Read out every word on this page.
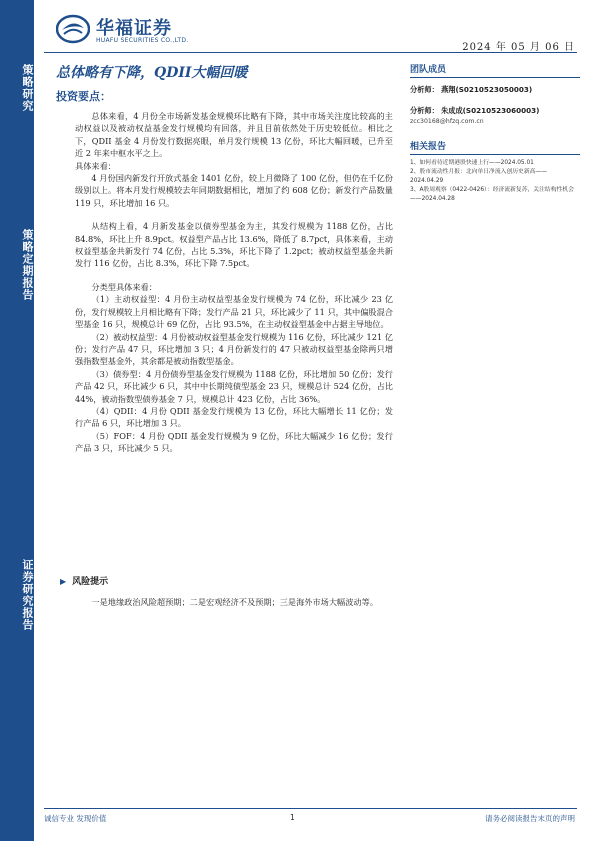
策略研究
策略定期报告
证券研究报告
华福证券
HUAFU SECURITIES CO.,LTD.
2024 年 05 月 06 日
总体略有下降，QDII大幅回暖
投资要点：

总体来看，4 月份全市场新发基金规模环比略有下降，其中市场关注度比较高的主动权益以及被动权益基金发行规模均有回落，并且目前依然处于历史较低位。相比之下，QDII 基金 4 月份发行数据亮眼，单月发行规模 13 亿份，环比大幅回暖，已升至近 2 年来中枢水平之上。

具体来看：

4 月份国内新发行开放式基金 1401 亿份，较上月微降了 100 亿份，但仍在千亿份级别以上。将本月发行规模较去年同期数据相比，增加了约 608 亿份；新发行产品数量 119 只，环比增加 16 只。

从结构上看，4 月新发基金以债券型基金为主，其发行规模为 1188 亿份，占比 84.8%，环比上升 8.9pct。权益型产品占比 13.6%，降低了 8.7pct，具体来看，主动权益型基金共新发行 74 亿份，占比 5.3%，环比下降了 1.2pct；被动权益型基金共新发行 116 亿份，占比 8.3%，环比下降 7.5pct。

分类型具体来看：

（1）主动权益型：4 月份主动权益型基金发行规模为 74 亿份，环比减少 23 亿份，发行规模较上月相比略有下降；发行产品 21 只，环比减少了 11 只，其中偏股混合型基金 16 只，规模总计 69 亿份，占比 93.5%，在主动权益型基金中占据主导地位。

（2）被动权益型：4 月份被动权益型基金发行规模为 116 亿份，环比减少 121 亿份；发行产品 47 只，环比增加 3 只；4 月份新发行的 47 只被动权益型基金除两只增强指数型基金外，其余都是被动指数型基金。

（3）债券型：4 月份债券型基金发行规模为 1188 亿份，环比增加 50 亿份；发行产品 42 只，环比减少 6 只，其中中长期纯债型基金 23 只，规模总计 524 亿份，占比 44%，被动指数型债券基金 7 只，规模总计 423 亿份，占比 36%。

（4）QDII：4 月份 QDII 基金发行规模为 13 亿份，环比大幅增长 11 亿份；发行产品 6 只，环比增加 3 只。

（5）FOF：4 月份 QDII 基金发行规模为 9 亿份，环比大幅减少 16 亿份；发行产品 3 只，环比减少 5 只。

▶ 风险提示
一是地缘政治风险超预期；二是宏观经济不及预期；三是海外市场大幅波动等。
团队成员
分析师： 燕翔(S0210523050003)
分析师： 朱成成(S0210523060003)
zcc30168@hfzq.com.cn
相关报告
1、如何看待近期港股快速上行——2024.05.01
2、股市流动性月报：北向单日净流入创历史新高——2024.04.29
3、A股周观察（0422-0426）：经济流新复苏，关注结构性机会——2024.04.28
诚信专业 发现价值	1	请务必阅读报告末页的声明
